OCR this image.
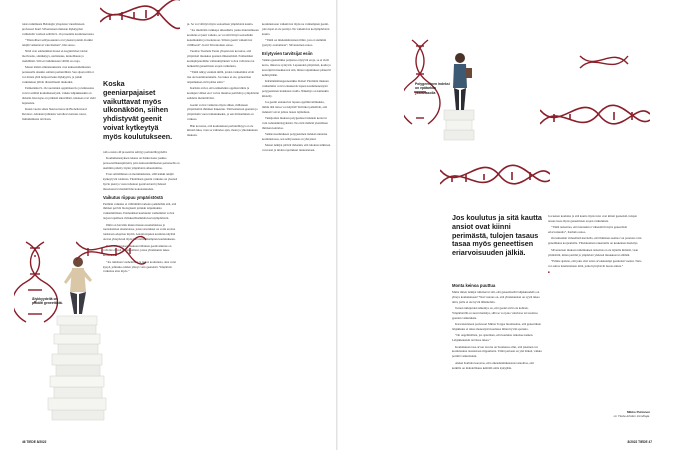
toista tutkimusta Helsingin yliopiston väestötieteen professori Karri Silventoinen mukaan älykkyyden vaihtelulla voidaan selittää 9–16 prosenttia koulutuseroista.

”Tilastolliset selitysosuudet ovat yleensä pieniä. Kaikki tekijät vaikuttavat vain hieman”, hän sanoo.

Niitä ovat esimerkiksi monet ei-kognitiiviset taidot: motivaatio, sinnikkyys, uteliaisuus, tunnollisuus ja itsehillintä. Silti eri tutkimusten välillä on eroja.

Monet näistä ominaisuuksista ovat kaksostutkimusten perusteella ainakin osittain perinnöllisiä. Sen sijaan niitä ei voi mitata yhtä helposti kuin älykkyyttä, ja jotkin vaikutukset jäävät tilastollisesti niukoiksi.

Esimerkiksi 9–16-vuotiaiden oppimisen ilo ja kiinnostus voivat selittää koulumenestystä, vaikka lahjakkuuskin on tärkeää. Kun kyse on pitkästä aikavälistä, tulokset ovat vielä hajanaisia.

Kuten vuotta sitten Neuroscience & Biobehavioral Reviews -lehdessä julkaistu vertaileva katsaus totesi, lisätutkimusta tarvitaan.

Älykkyydellä on pitkälti geneettistä.
Koska geeniarpajaiset vaikuttavat myös ulkonäköön, siihen yhdistyvät geenit voivat kytkeytyä myös koulutukseen.

rolla eroista 40 prosenttia selittyy perinnöllisyydellä.

Koulumenestyksen takana on lisäksi koko joukko persoonallisuuspiirteitä, joita kaksostutkimusten perusteella on aiemmin pidetty täysin ympäristön aiheuttamina.

Eron selittäminen on monimutkaista, sillä kaikki tekijät kytkeytyvät toisiinsa. Yksittäisen geenin vaikutus on yleensä hyvin pieni ja vasta tuhannet geenivariantit yhdessä muodostavat merkittävän kokonaisuuden.

Vaikutus riippuu ympäristöstä

Perimän vaikutus ei välttämättä tarkoita pelkästään sitä, että ihmiset perivät biologisesti joitakin taipumuksia vanhemmiltaan. Esimerkiksi koulutetut vanhemmat voivat tarjota lapsilleen virikkeellisemmän kasvuympäristön.

Ilmiö on havaittu muun muassa suomalaisissa ja ruotsalaisissa aineistoissa, joissa sisarukset on voitu erottaa toisistaan adoption myötä. Adoptiolapsien koulutus näyttää olevan yhteydessä myös kasvattivanhempien koulutukseen.

Karri Silventoisen mukaan tällainen geenivaikutus on vahvinta niissä ympäristöissä, joissa yhteiskunta tukee koulutusta.

”Jos tutkitaan vanhemman ja lasten koulutusta, aina voisi kysyä, johtuuko niiden yhteys vain geeneistä. Ympäristö vaikuttaa aina myös.”

pi. Se voi välittyä myös sosiaalisen ympäristön kautta.

”Jos mietitään vaikkapa ulkonäköä, jonka muuttamiseen koulutus ei juuri vaikuta, se voi silti liittyä sosiaalisiin kokemuksiin ja itsetuntoon. Silloin geenit vaikuttavat välillisesti”, Karri Silventoinen sanoo.

Tuomas Tuomela Turun yliopistosta korostaa, että ympäristö muokkaa geenien ilmenemistä. Esimerkiksi koulujärjestelmän valintakäytännöt voivat vahvistaa tai heikentää geneettisten erojen vaikutusta.

”Tämä näkyy etenkin niillä, joiden vanhemmat eivät itse ole kouluttautuneita. Jos tukea ei ole, geneettiset taipumukset eivät pääse esiin.”

Karhula arvioi, että esimerkiksi oppilasvalinta ja koulujen väliset erot voivat muuttaa perimän ja ympäristön suhdetta merkittävästi.

Geenit voivat vaikuttaa myös siihen, millaiseen ympäristöön ihminen hakeutuu. Tätä kutsutaan geenien ja ympäristön vuorovaikutukseksi, ja sen mittaaminen on vaikeaa.

Hän korostaa, että koulutuksen perinnöllisyys ei ole kiinteä luku, vaan se vaihtelee ajan, maan ja yhteiskunnan mukaan.

koulutustason vaikuttavat myös ne vanhempien geenit, joita lapsi ei ole perinyt. Ne vaikuttavat kotiympäristön kautta.

”Tämä on mielenkiintoinen ilmiö, jota ei aiemmin pystytty erottamaan”, Silventoinen sanoo.

Eriytyvien tarvitsijat esiin

Vaikka geenetiikka paljastaa eriytyviä eroja, se ei vielä kerro, miksi ne syntyvät. Lapsuuden ympäristö, koulu ja kaveripiiri muokkaavat sitä, miten taipumukset pääsevät kehittymään.

Kärkitutkimusgeeneetikko Robert Plominin mukaan vanhemmat voivat ennakoida lapsen koulumenestystä polygeenisten indeksien avulla. Näkemys on kuitenkin kiistelty.

Jos geenit ennakoivat lapsen oppimisvalmiuksia, mihin tätä tietoa voi käyttää? Kriitikot pelkäävät, että indeksit voivat johtaa lasten lajitteluun.

Tutkijoiden mukaan polygeeniset indeksit kertovat vain todennäköisyyksistä. Ne eivät määrää yksittäisen ihmisen kohtaloa.

Vaikka koulutuksen polygeeninen indeksi ennustaa koulutustasoa, sen selitysosuus on yhä pieni.

Monet tutkijat pitävät tärkeänä, että tuloksia tulkitaan varovasti ja niiden rajoitukset tunnustetaan.

46 TIEDE 8/2022
Polygeeninen indeksi on epätarkka yksilötasolla
Jos koulutus ja sitä kautta ansiot ovat kiinni perimästä, tulojen tasaus tasaa myös geneettisen eriarvoisuuden jälkiä.
Monta keinoa puuttua

Mutta miten tutkijat tulkitsevat sitä, että geneettisellä lahjakkuudella on yhteys koulutukseen? Yksi vastaus on, että yhteiskunnan on syytä tukea niitä, joilla ei ole hyviä lähtökohtia.

Toinen tutkijoiden näkemys on, että geenit eivät ole kohtalo. Ympäristöllä on suuri merkitys, sillä se voi joko vahvistaa tai tasoittaa geenien vaikutuksia.

Kasvatustieteen professori Minna Torppa huomauttaa, että geneettinen lahjakkuus ei takaa menestystä koulussa ilman hyvää opetusta.

”On ongelmallista, jos ajatellaan, että koulutus ratkaisee kaiken. Lahjakkuuskin tarvitsee tukea.”

Koulutuksen tasa-arvon tavoite on Suomessa ollut, että jokainen voi kouluttautua taustastaan riippumatta. Tämä periaate on yhä tärkeä, vaikka perimä vaikuttaakin.

Alekei Karhula korostaa, että oikeudenmukaisuus tarkoittaa, että kaikilla on mahdollisuus kehittää omia kykyjään.

Jos kenen koulutus ja sitä kautta myös tulot ovat kiinni geeneistä, tulojen tasaus tasaa myös geneettisten erojen vaikutuksia.

”Tämä tarkoittaa, että tulonsiirrot vähentävät myös geneettistä eriarvoisuutta”, Karhula sanoo.

On kuitenkin virheellistä kuvitella, että ihmisten asemaa voi parantaa vain genetiikkaa korjaamalla. Yhteiskunnan rakenteilla on keskeinen merkitys.

Silventoisen mukaan tutkimuksen tarkoitus ei ole lajitella ihmisiä, vaan ymmärtää, miten perimä ja ympäristö yhdessä muokkaavat elämää.

”Emme ajattele, että joku olisi toista arvokkaampi geeniensä vuoksi. Tieto voi auttaa tunnistamaan niitä, jotka hyötyisivät tuesta eniten.”

■
Mikko Puttonen
on Tiede-lehden toimittaja.
8/2022 TIEDE 47
